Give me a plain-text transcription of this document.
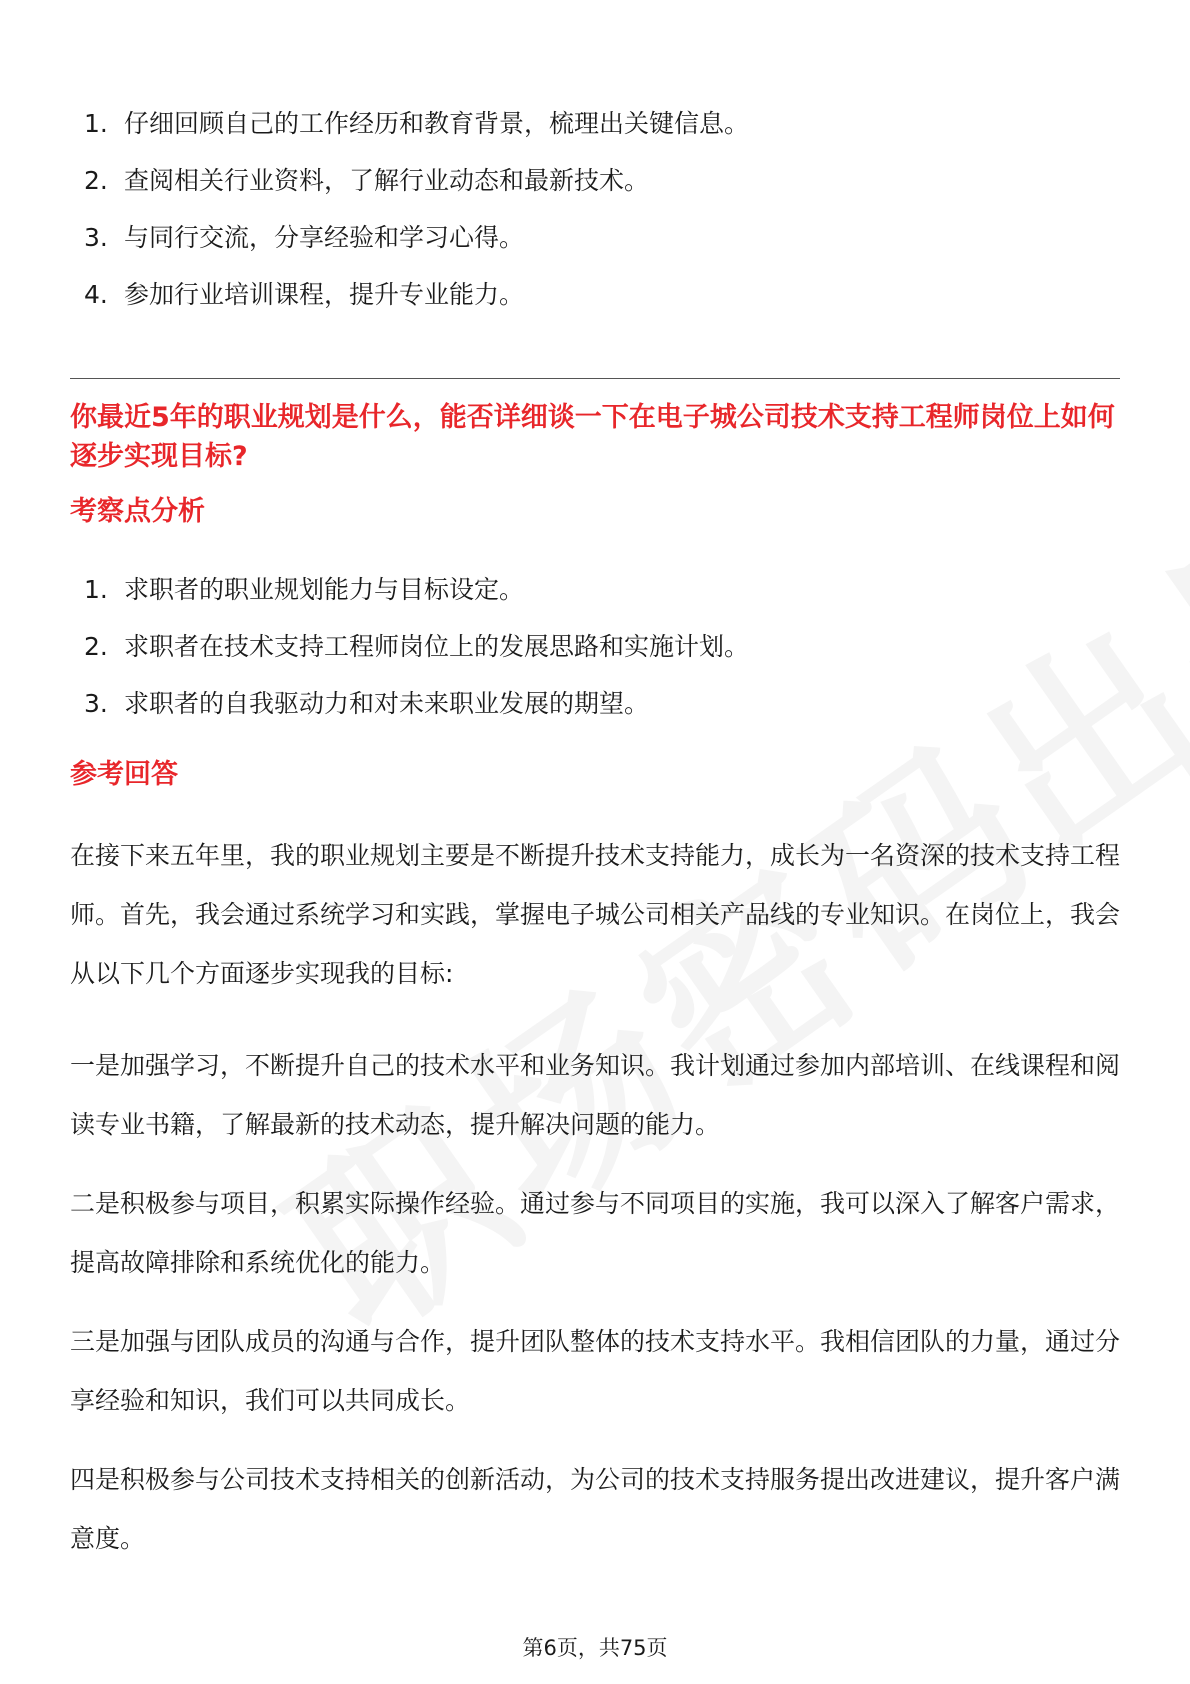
1. 仔细回顾自己的工作经历和教育背景，梳理出关键信息。
2. 查阅相关行业资料，了解行业动态和最新技术。
3. 与同行交流，分享经验和学习心得。
4. 参加行业培训课程，提升专业能力。
你最近5年的职业规划是什么，能否详细谈一下在电子城公司技术支持工程师岗位上如何逐步实现目标?
考察点分析
1. 求职者的职业规划能力与目标设定。
2. 求职者在技术支持工程师岗位上的发展思路和实施计划。
3. 求职者的自我驱动力和对未来职业发展的期望。
参考回答

在接下来五年里，我的职业规划主要是不断提升技术支持能力，成长为一名资深的技术支持工程师。首先，我会通过系统学习和实践，掌握电子城公司相关产品线的专业知识。在岗位上，我会从以下几个方面逐步实现我的目标:

一是加强学习，不断提升自己的技术水平和业务知识。我计划通过参加内部培训、在线课程和阅读专业书籍，了解最新的技术动态，提升解决问题的能力。

二是积极参与项目，积累实际操作经验。通过参与不同项目的实施，我可以深入了解客户需求，提高故障排除和系统优化的能力。

三是加强与团队成员的沟通与合作，提升团队整体的技术支持水平。我相信团队的力量，通过分享经验和知识，我们可以共同成长。

四是积极参与公司技术支持相关的创新活动，为公司的技术支持服务提出改进建议，提升客户满意度。

第6页，共75页
